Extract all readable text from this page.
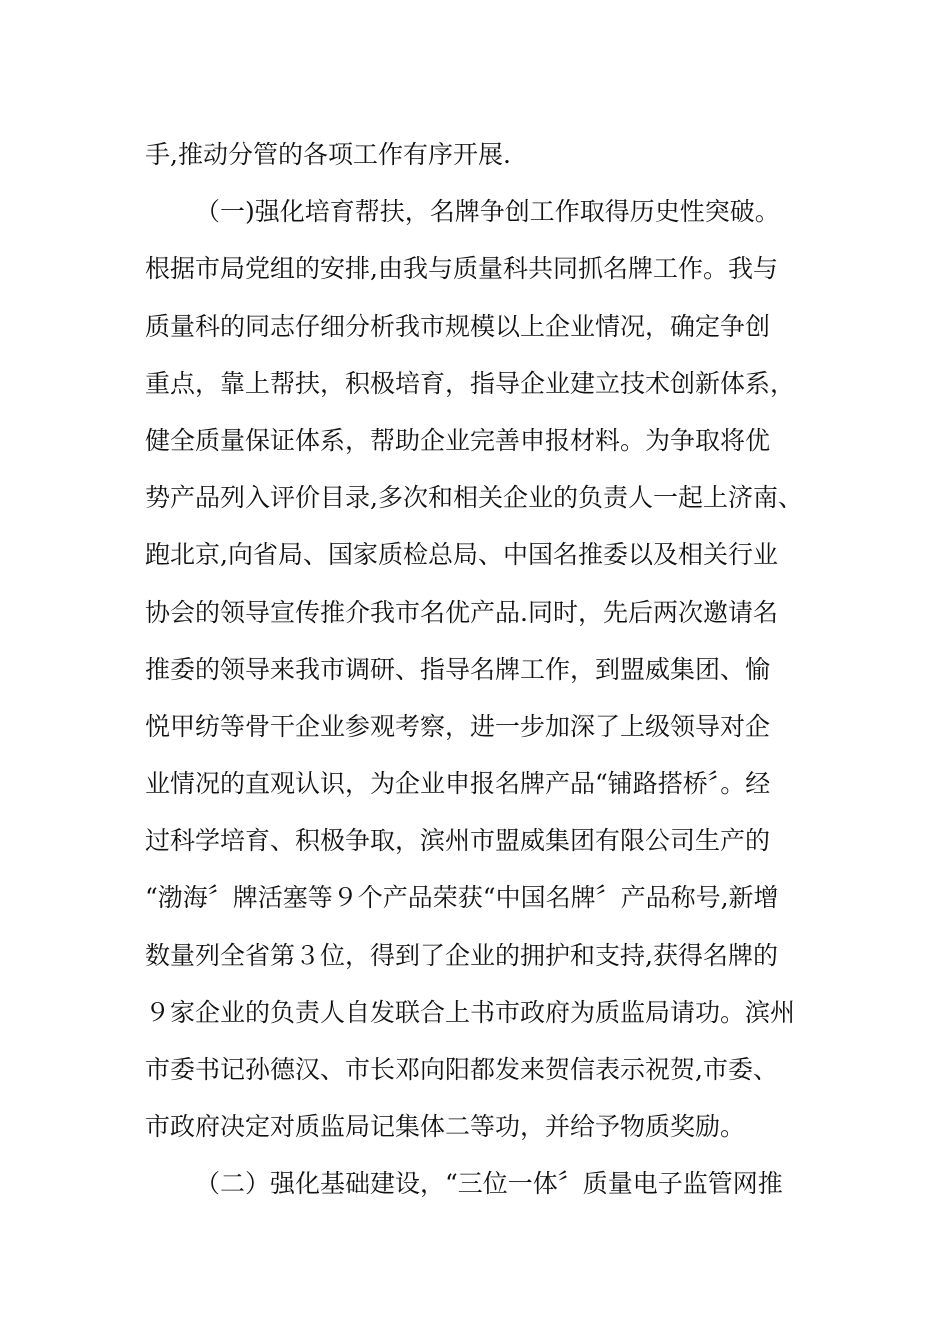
手,推动分管的各项工作有序开展.
（一)强化培育帮扶，名牌争创工作取得历史性突破。
根据市局党组的安排,由我与质量科共同抓名牌工作。我与
质量科的同志仔细分析我市规模以上企业情况，确定争创
重点，靠上帮扶，积极培育，指导企业建立技术创新体系，
健全质量保证体系，帮助企业完善申报材料。为争取将优
势产品列入评价目录,多次和相关企业的负责人一起上济南、
跑北京,向省局、国家质检总局、中国名推委以及相关行业
协会的领导宣传推介我市名优产品.同时，先后两次邀请名
推委的领导来我市调研、指导名牌工作，到盟威集团、愉
悦甲纺等骨干企业参观考察，进一步加深了上级领导对企
业情况的直观认识，为企业申报名牌产品“铺路搭桥〞。经
过科学培育、积极争取，滨州市盟威集团有限公司生产的
“渤海〞牌活塞等９个产品荣获“中国名牌〞产品称号,新增
数量列全省第３位，得到了企业的拥护和支持,获得名牌的
９家企业的负责人自发联合上书市政府为质监局请功。滨州
市委书记孙德汉、市长邓向阳都发来贺信表示祝贺,市委、
市政府决定对质监局记集体二等功，并给予物质奖励。
（二）强化基础建设，“三位一体〞质量电子监管网推
